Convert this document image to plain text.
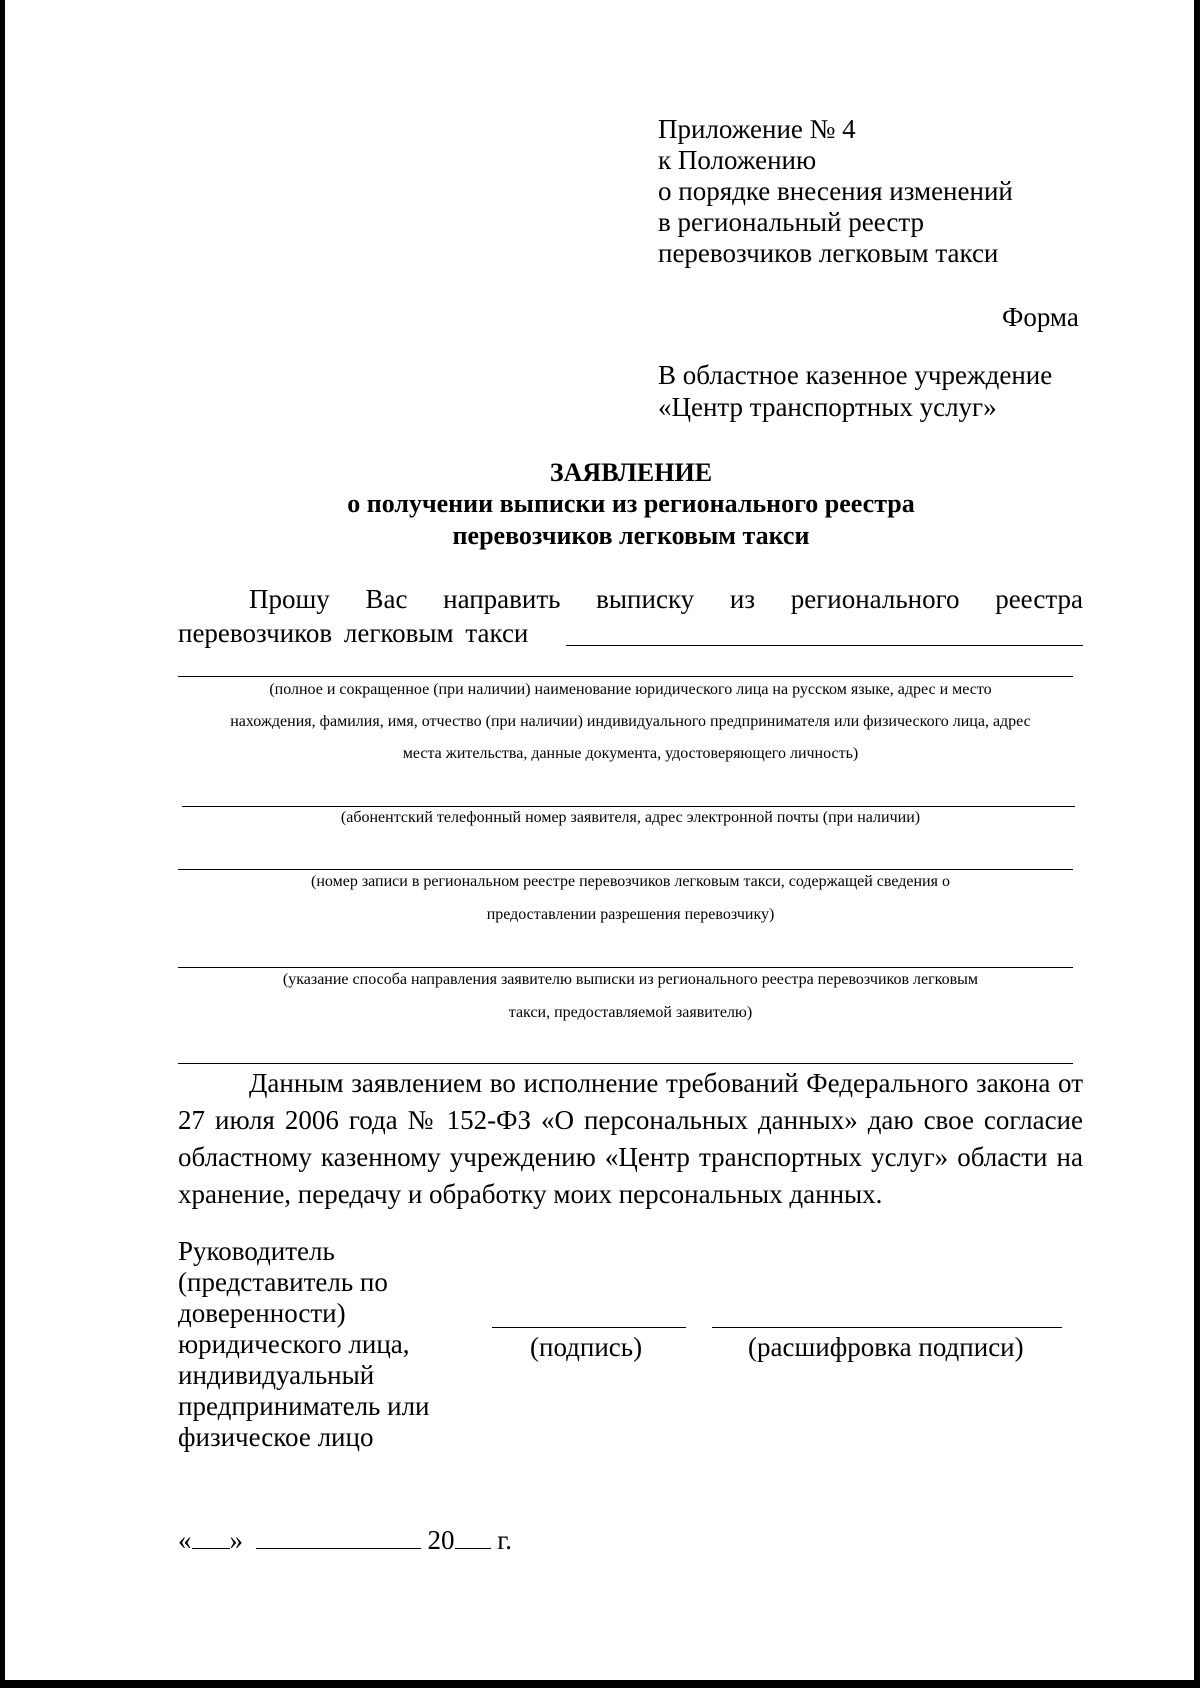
Приложение № 4
к Положению
о порядке внесения изменений
в региональный реестр
перевозчиков легковым такси
Форма
В областное казенное учреждение
«Центр транспортных услуг»
ЗАЯВЛЕНИЕ
о получении выписки из регионального реестра
перевозчиков легковым такси
Прошу Вас направить выписку из регионального реестра
перевозчиков легковым такси
(полное и сокращенное (при наличии) наименование юридического лица на русском языке, адрес и место
нахождения, фамилия, имя, отчество (при наличии) индивидуального предпринимателя или физического лица, адрес
места жительства, данные документа, удостоверяющего личность)
(абонентский телефонный номер заявителя, адрес электронной почты (при наличии)
(номер записи в региональном реестре перевозчиков легковым такси, содержащей сведения о
предоставлении разрешения перевозчику)
(указание способа направления заявителю выписки из регионального реестра перевозчиков легковым
такси, предоставляемой заявителю)

Данным заявлением во исполнение требований Федерального закона от 27 июля 2006 года № 152-ФЗ «О персональных данных» даю свое согласие областному казенному учреждению «Центр транспортных услуг» области на хранение, передачу и обработку моих персональных данных.

Руководитель
(представитель по
доверенности)
юридического лица,
индивидуальный
предприниматель или
физическое лицо
(подпись)	(расшифровка подписи)
« »	20 г.
